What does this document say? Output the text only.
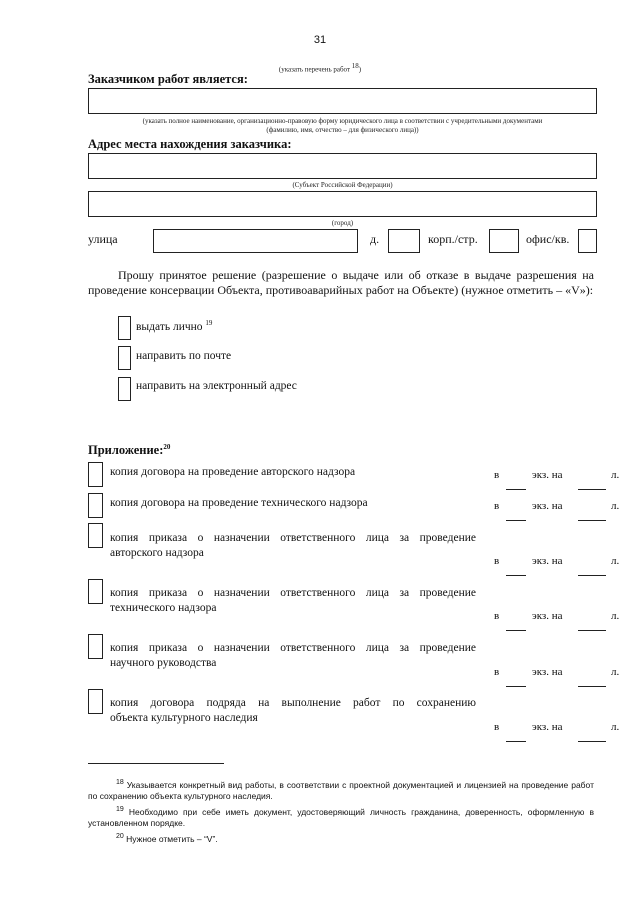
31
(указать перечень работ $^{18}$)
Заказчиком работ является:
(указать полное наименование, организационно-правовую форму юридического лица в соответствии с учредительными документами
(фамилию, имя, отчество – для физического лица))
Адрес места нахождения заказчика:
(Субъект Российской Федерации)
(город)
улица	д.	корп./стр.	офис/кв.
Прошу принятое решение (разрешение о выдаче или об отказе в выдаче разрешения на проведение консервации Объекта, противоаварийных работ на Объекте) (нужное отметить – «V»):
выдать лично $^{19}$
направить по почте
направить на электронный адрес
Приложение:$^{20}$
копия договора на проведение авторского надзора	в	экз. на	л.
копия договора на проведение технического надзора	в	экз. на	л.
копия приказа о назначении ответственного лица за проведение
авторского надзора
в	экз. на	л.
копия приказа о назначении ответственного лица за проведение
технического надзора
в	экз. на	л.
копия приказа о назначении ответственного лица за проведение
научного руководства
в	экз. на	л.
копия договора подряда на выполнение работ по сохранению
объекта культурного наследия
в	экз. на	л.

$^{18}$ Указывается конкретный вид работы, в соответствии с проектной документацией и лицензией на проведение работ по сохранению объекта культурного наследия.

$^{19}$ Необходимо при себе иметь документ, удостоверяющий личность гражданина, доверенность, оформленную в установленном порядке.

$^{20}$ Нужное отметить – “V”.
